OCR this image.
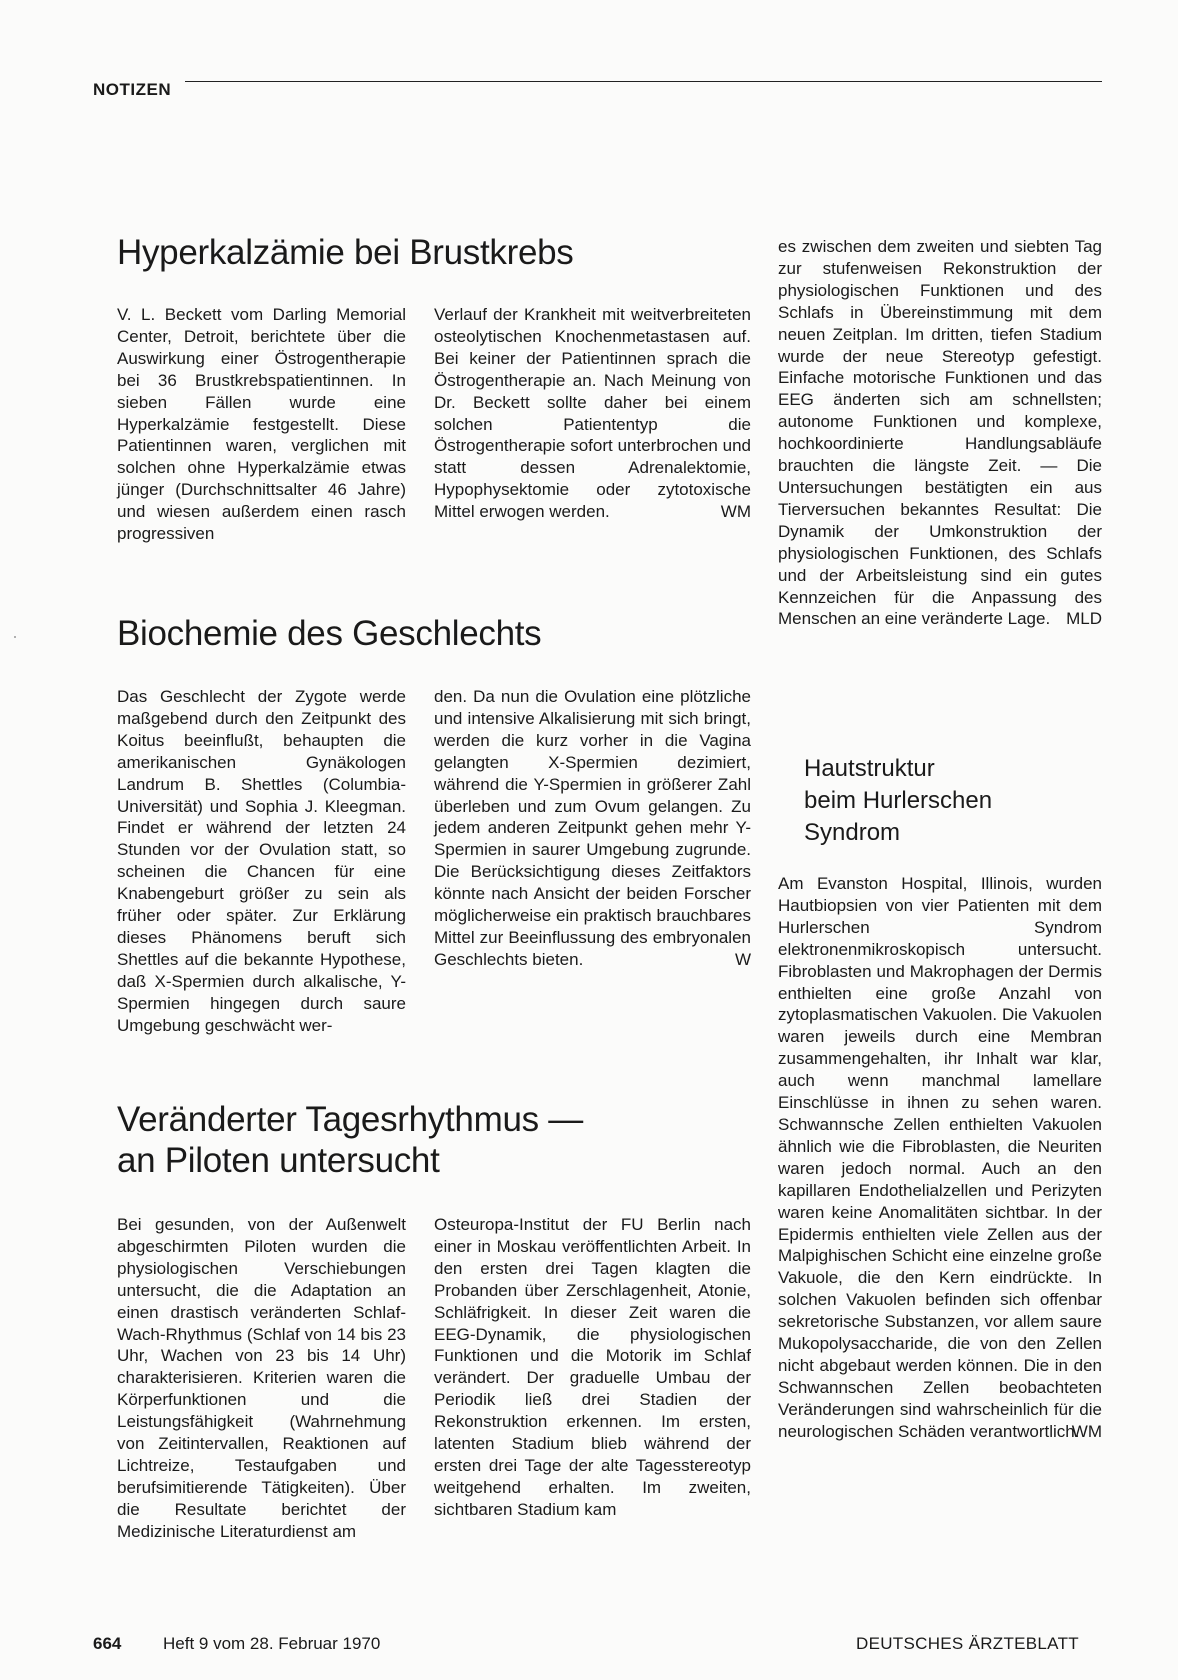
NOTIZEN
Hyperkalzämie bei Brustkrebs

V. L. Beckett vom Darling Memorial Center, Detroit, berichtete über die Auswirkung einer Östrogentherapie bei 36 Brustkrebspatientinnen. In sieben Fällen wurde eine Hyperkalzämie festgestellt. Diese Patientinnen waren, verglichen mit solchen ohne Hyperkalzämie etwas jünger (Durchschnittsalter 46 Jahre) und wiesen außerdem einen rasch progressiven

Verlauf der Krankheit mit weitverbreiteten osteolytischen Knochenmetastasen auf. Bei keiner der Patientinnen sprach die Östrogentherapie an. Nach Meinung von Dr. Beckett sollte daher bei einem solchen Patiententyp die Östrogentherapie sofort unterbrochen und statt dessen Adrenalektomie, Hypophysektomie oder zytotoxische Mittel erwogen werden.	WM
Biochemie des Geschlechts

Das Geschlecht der Zygote werde maßgebend durch den Zeitpunkt des Koitus beeinflußt, behaupten die amerikanischen Gynäkologen Landrum B. Shettles (Columbia-Universität) und Sophia J. Kleegman. Findet er während der letzten 24 Stunden vor der Ovulation statt, so scheinen die Chancen für eine Knabengeburt größer zu sein als früher oder später. Zur Erklärung dieses Phänomens beruft sich Shettles auf die bekannte Hypothese, daß X-Spermien durch alkalische, Y-Spermien hingegen durch saure Umgebung geschwächt wer-

den. Da nun die Ovulation eine plötzliche und intensive Alkalisierung mit sich bringt, werden die kurz vorher in die Vagina gelangten X-Spermien dezimiert, während die Y-Spermien in größerer Zahl überleben und zum Ovum gelangen. Zu jedem anderen Zeitpunkt gehen mehr Y-Spermien in saurer Umgebung zugrunde. Die Berücksichtigung dieses Zeitfaktors könnte nach Ansicht der beiden Forscher möglicherweise ein praktisch brauchbares Mittel zur Beeinflussung des embryonalen Geschlechts bieten.	W
Veränderter Tagesrhythmus —
an Piloten untersucht

Bei gesunden, von der Außenwelt abgeschirmten Piloten wurden die physiologischen Verschiebungen untersucht, die die Adaptation an einen drastisch veränderten Schlaf-Wach-Rhythmus (Schlaf von 14 bis 23 Uhr, Wachen von 23 bis 14 Uhr) charakterisieren. Kriterien waren die Körperfunktionen und die Leistungsfähigkeit (Wahrnehmung von Zeitintervallen, Reaktionen auf Lichtreize, Testaufgaben und berufsimitierende Tätigkeiten). Über die Resultate berichtet der Medizinische Literaturdienst am

Osteuropa-Institut der FU Berlin nach einer in Moskau veröffentlichten Arbeit. In den ersten drei Tagen klagten die Probanden über Zerschlagenheit, Atonie, Schläfrigkeit. In dieser Zeit waren die EEG-Dynamik, die physiologischen Funktionen und die Motorik im Schlaf verändert. Der graduelle Umbau der Periodik ließ drei Stadien der Rekonstruktion erkennen. Im ersten, latenten Stadium blieb während der ersten drei Tage der alte Tagesstereotyp weitgehend erhalten. Im zweiten, sichtbaren Stadium kam

es zwischen dem zweiten und siebten Tag zur stufenweisen Rekonstruktion der physiologischen Funktionen und des Schlafs in Übereinstimmung mit dem neuen Zeitplan. Im dritten, tiefen Stadium wurde der neue Stereotyp gefestigt. Einfache motorische Funktionen und das EEG änderten sich am schnellsten; autonome Funktionen und komplexe, hochkoordinierte Handlungsabläufe brauchten die längste Zeit. — Die Untersuchungen bestätigten ein aus Tierversuchen bekanntes Resultat: Die Dynamik der Umkonstruktion der physiologischen Funktionen, des Schlafs und der Arbeitsleistung sind ein gutes Kennzeichen für die Anpassung des Menschen an eine veränderte Lage. MLD
Hautstruktur
beim Hurlerschen
Syndrom

Am Evanston Hospital, Illinois, wurden Hautbiopsien von vier Patienten mit dem Hurlerschen Syndrom elektronenmikroskopisch untersucht. Fibroblasten und Makrophagen der Dermis enthielten eine große Anzahl von zytoplasmatischen Vakuolen. Die Vakuolen waren jeweils durch eine Membran zusammengehalten, ihr Inhalt war klar, auch wenn manchmal lamellare Einschlüsse in ihnen zu sehen waren. Schwannsche Zellen enthielten Vakuolen ähnlich wie die Fibroblasten, die Neuriten waren jedoch normal. Auch an den kapillaren Endothelialzellen und Perizyten waren keine Anomalitäten sichtbar. In der Epidermis enthielten viele Zellen aus der Malpighischen Schicht eine einzelne große Vakuole, die den Kern eindrückte. In solchen Vakuolen befinden sich offenbar sekretorische Substanzen, vor allem saure Mukopolysaccharide, die von den Zellen nicht abgebaut werden können. Die in den Schwannschen Zellen beobachteten Veränderungen sind wahrscheinlich für die neurologischen Schäden verantwortlich.

WM
664 Heft 9 vom 28. Februar 1970	DEUTSCHES ÄRZTEBLATT
